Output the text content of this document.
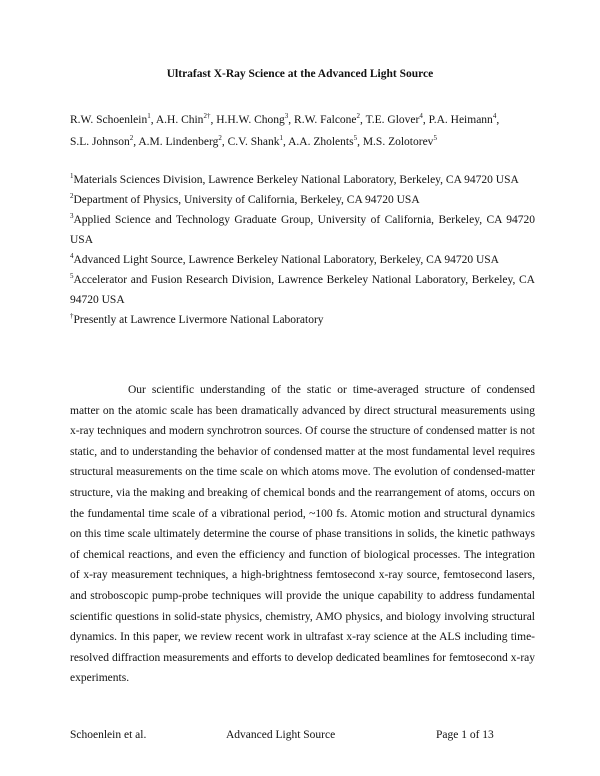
Ultrafast X-Ray Science at the Advanced Light Source
R.W. Schoenlein$^1$, A.H. Chin$^{2\dagger}$, H.H.W. Chong$^3$, R.W. Falcone$^2$, T.E. Glover$^4$, P.A. Heimann$^4$,
S.L. Johnson$^2$, A.M. Lindenberg$^2$, C.V. Shank$^1$, A.A. Zholents$^5$, M.S. Zolotorev$^5$
$^1$Materials Sciences Division, Lawrence Berkeley National Laboratory, Berkeley, CA 94720 USA
$^2$Department of Physics, University of California, Berkeley, CA 94720 USA
$^3$Applied Science and Technology Graduate Group, University of California, Berkeley, CA 94720 USA
$^4$Advanced Light Source, Lawrence Berkeley National Laboratory, Berkeley, CA 94720 USA
$^5$Accelerator and Fusion Research Division, Lawrence Berkeley National Laboratory, Berkeley, CA 94720 USA
†Presently at Lawrence Livermore National Laboratory
Our scientific understanding of the static or time-averaged structure of condensed matter on the atomic scale has been dramatically advanced by direct structural measurements using x-ray techniques and modern synchrotron sources. Of course the structure of condensed matter is not static, and to understanding the behavior of condensed matter at the most fundamental level requires structural measurements on the time scale on which atoms move. The evolution of condensed-matter structure, via the making and breaking of chemical bonds and the rearrangement of atoms, occurs on the fundamental time scale of a vibrational period, ~100 fs. Atomic motion and structural dynamics on this time scale ultimately determine the course of phase transitions in solids, the kinetic pathways of chemical reactions, and even the efficiency and function of biological processes. The integration of x-ray measurement techniques, a high-brightness femtosecond x-ray source, femtosecond lasers, and stroboscopic pump-probe techniques will provide the unique capability to address fundamental scientific questions in solid-state physics, chemistry, AMO physics, and biology involving structural dynamics. In this paper, we review recent work in ultrafast x-ray science at the ALS including time-resolved diffraction measurements and efforts to develop dedicated beamlines for femtosecond x-ray experiments.
Schoenlein et al.	Advanced Light Source	Page 1 of 13
